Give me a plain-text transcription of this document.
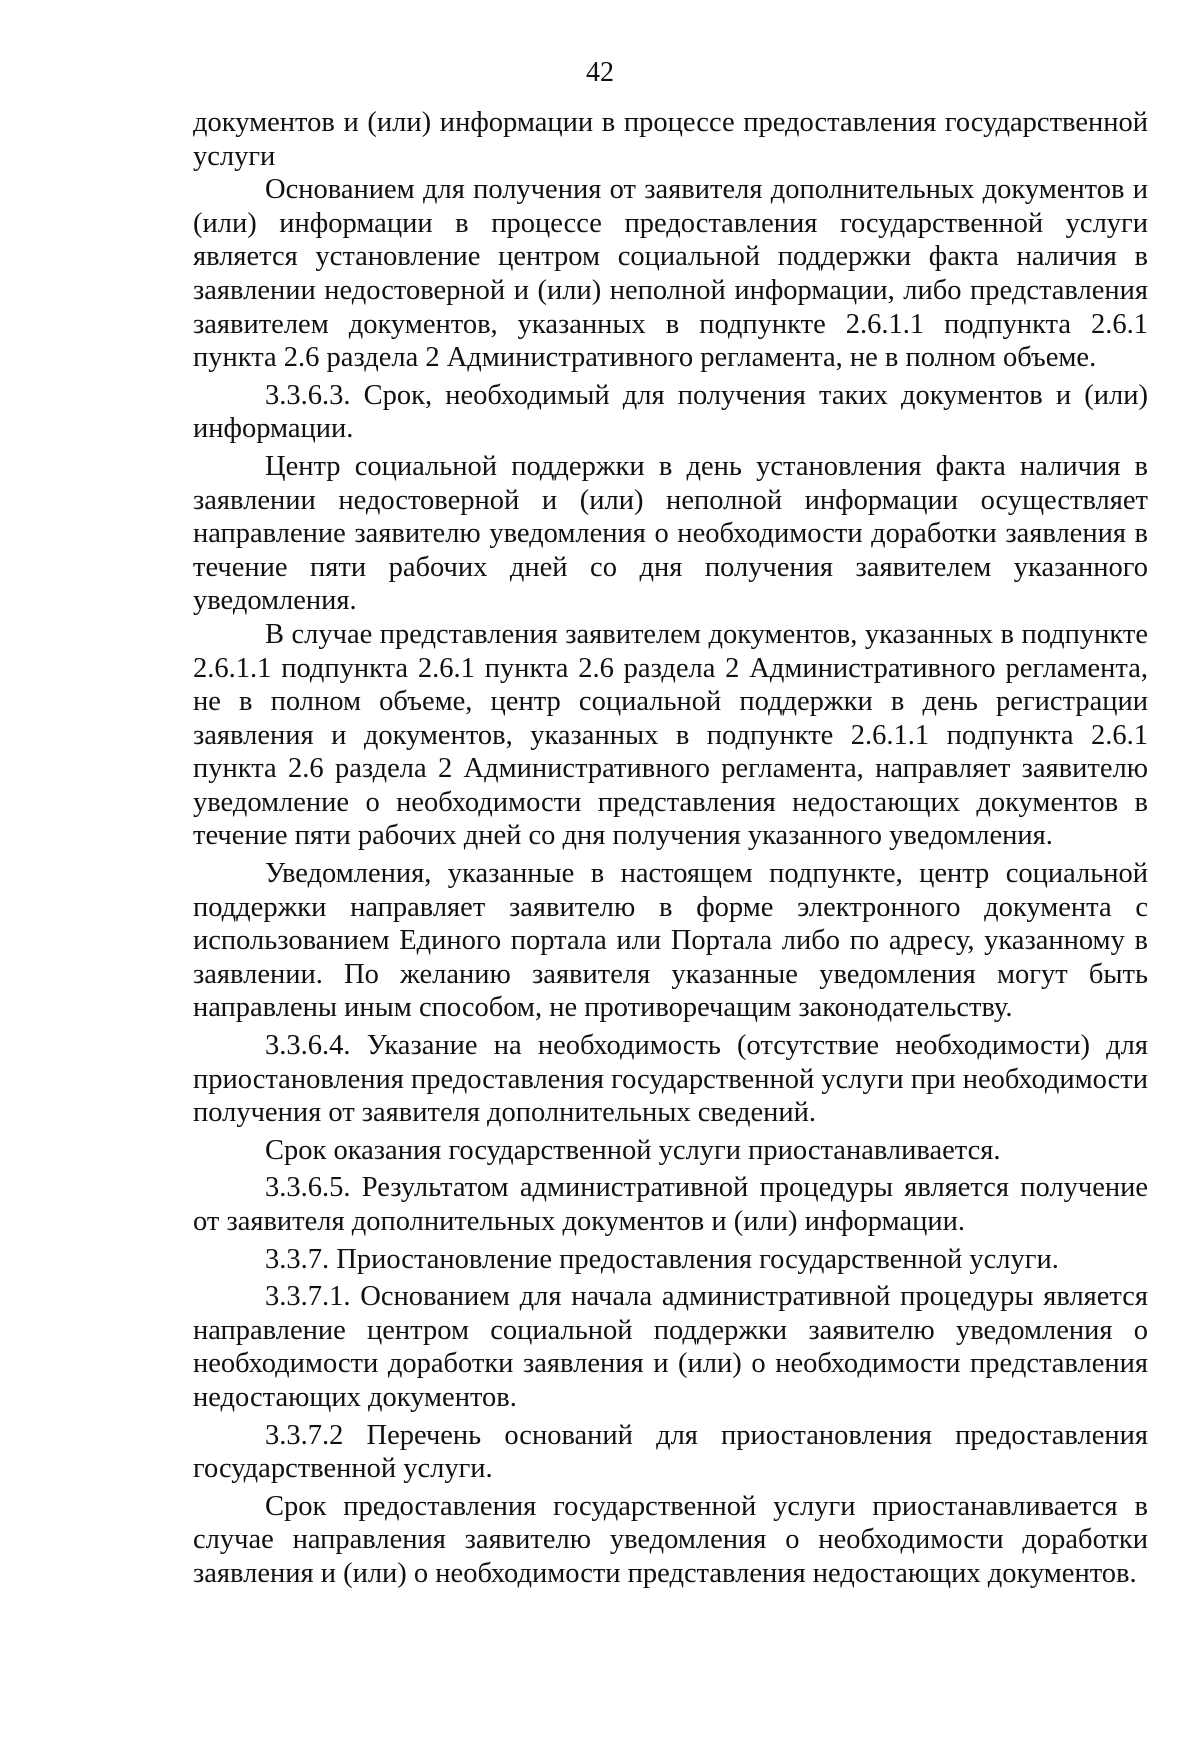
42

документов и (или) информации в процессе предоставления государственной услуги

Основанием для получения от заявителя дополнительных документов и (или) информации в процессе предоставления государственной услуги является установление центром социальной поддержки факта наличия в заявлении недостоверной и (или) неполной информации, либо представления заявителем документов, указанных в подпункте 2.6.1.1 подпункта 2.6.1 пункта 2.6 раздела 2 Административного регламента, не в полном объеме.

3.3.6.3. Срок, необходимый для получения таких документов и (или) информации.

Центр социальной поддержки в день установления факта наличия в заявлении недостоверной и (или) неполной информации осуществляет направление заявителю уведомления о необходимости доработки заявления в течение пяти рабочих дней со дня получения заявителем указанного уведомления.

В случае представления заявителем документов, указанных в подпункте 2.6.1.1 подпункта 2.6.1 пункта 2.6 раздела 2 Административного регламента, не в полном объеме, центр социальной поддержки в день регистрации заявления и документов, указанных в подпункте 2.6.1.1 подпункта 2.6.1 пункта 2.6 раздела 2 Административного регламента, направляет заявителю уведомление о необходимости представления недостающих документов в течение пяти рабочих дней со дня получения указанного уведомления.

Уведомления, указанные в настоящем подпункте, центр социальной поддержки направляет заявителю в форме электронного документа с использованием Единого портала или Портала либо по адресу, указанному в заявлении. По желанию заявителя указанные уведомления могут быть направлены иным способом, не противоречащим законодательству.

3.3.6.4. Указание на необходимость (отсутствие необходимости) для приостановления предоставления государственной услуги при необходимости получения от заявителя дополнительных сведений.

Срок оказания государственной услуги приостанавливается.

3.3.6.5. Результатом административной процедуры является получение от заявителя дополнительных документов и (или) информации.

3.3.7. Приостановление предоставления государственной услуги.

3.3.7.1. Основанием для начала административной процедуры является направление центром социальной поддержки заявителю уведомления о необходимости доработки заявления и (или) о необходимости представления недостающих документов.

3.3.7.2 Перечень оснований для приостановления предоставления государственной услуги.

Срок предоставления государственной услуги приостанавливается в случае направления заявителю уведомления о необходимости доработки заявления и (или) о необходимости представления недостающих документов.
